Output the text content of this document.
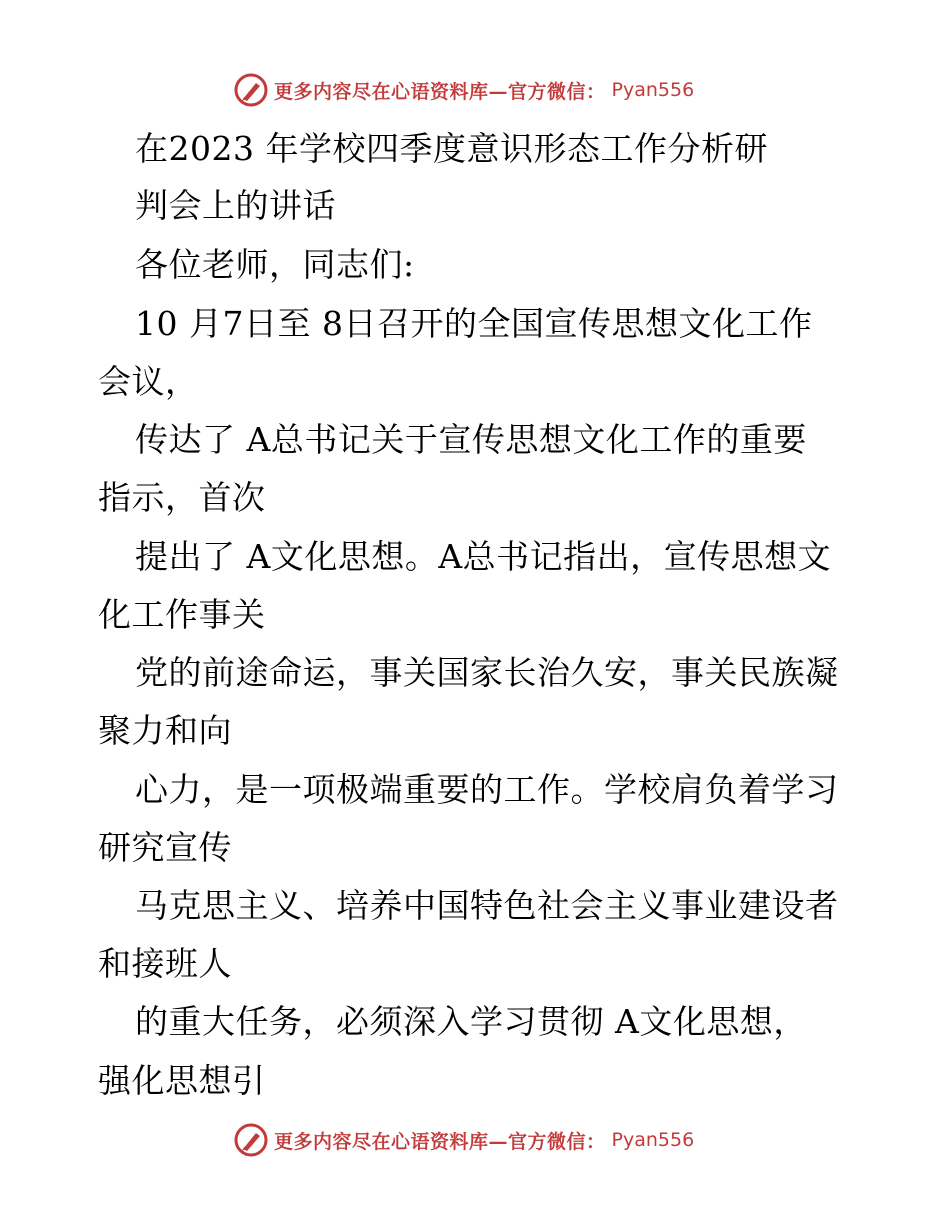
更多内容尽在心语资料库—官方微信： Pyan556
在2023 年学校四季度意识形态工作分析研
判会上的讲话
各位老师，同志们:
10 月7日至 8日召开的全国宣传思想文化工作
会议，
传达了 A总书记关于宣传思想文化工作的重要
指示，首次
提出了 A文化思想。A总书记指出，宣传思想文
化工作事关
党的前途命运，事关国家长治久安，事关民族凝
聚力和向
心力，是一项极端重要的工作。学校肩负着学习
研究宣传
马克思主义、培养中国特色社会主义事业建设者
和接班人
的重大任务，必须深入学习贯彻 A文化思想，
强化思想引
更多内容尽在心语资料库—官方微信： Pyan556
